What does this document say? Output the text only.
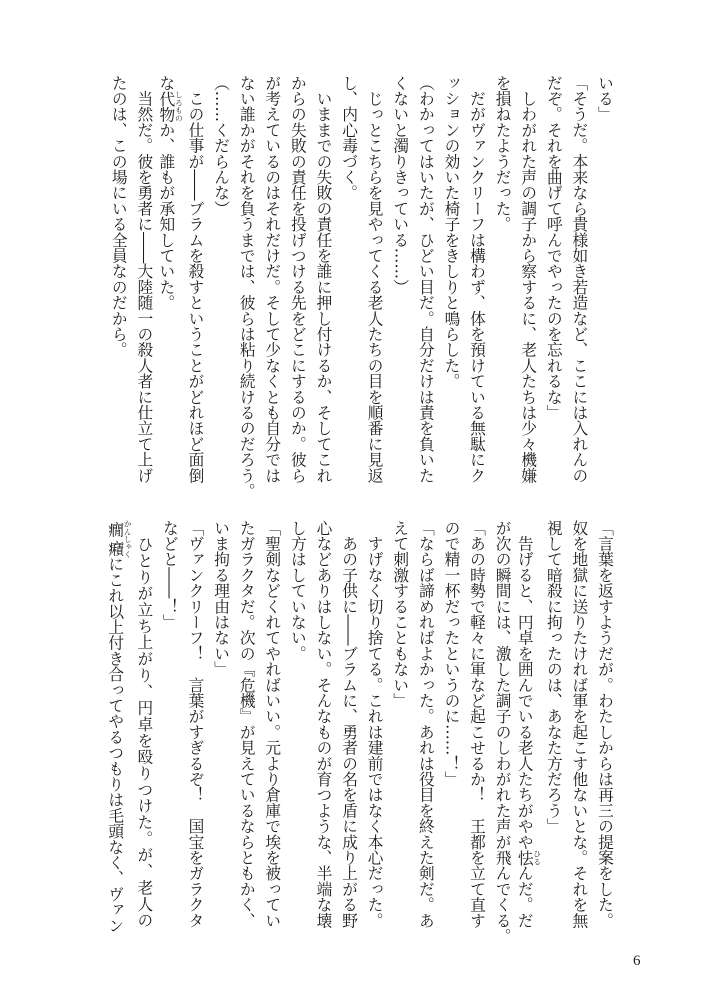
いる」
「そうだ。本来なら貴様如き若造など、ここには入れんの
だぞ。それを曲げて呼んでやったのを忘れるな」
　しわがれた声の調子から察するに、老人たちは少々機嫌
を損ねたようだった。
　だがヴァンクリーフは構わず、体を預けている無駄にク
ッションの効いた椅子をきしりと鳴らした。
（わかってはいたが、ひどい目だ。自分だけは責を負いた
くないと濁りきっている……）
　じっとこちらを見やってくる老人たちの目を順番に見返
し、内心毒づく。
　いままでの失敗の責任を誰に押し付けるか、そしてこれ
からの失敗の責任を投げつける先をどこにするのか。彼ら
が考えているのはそれだけだ。そして少なくとも自分では
ない誰かがそれを負うまでは、彼らは粘り続けるのだろう。
（……くだらんな）
　この仕事が――ブラムを殺すということがどれほど面倒
な代物しろものか、誰もが承知していた。
　当然だ。彼を勇者に――大陸随一の殺人者に仕立て上げ
たのは、この場にいる全員なのだから。
「言葉を返すようだが。わたしからは再三の提案をした。
奴を地獄に送りたければ軍を起こす他ないとな。それを無
視して暗殺に拘ったのは、あなた方だろう」
　告げると、円卓を囲んでいる老人たちがやや怯ひるんだ。だ
が次の瞬間には、激した調子のしわがれた声が飛んでくる。
「あの時勢で軽々に軍など起こせるか！　王都を立て直す
ので精一杯だったというのに……！」
「ならば諦めればよかった。あれは役目を終えた剣だ。あ
えて刺激することもない」
　すげなく切り捨てる。これは建前ではなく本心だった。
　あの子供に――ブラムに、勇者の名を盾に成り上がる野
心などありはしない。そんなものが育つような、半端な壊
し方はしていない。
「聖剣などくれてやればいい。元より倉庫で埃を被ってい
たガラクタだ。次の『危機』が見えているならともかく、
いま拘る理由はない」
「ヴァンクリーフ！　言葉がすぎるぞ！　国宝をガラクタ
などと――！」
　ひとりが立ち上がり、円卓を殴りつけた。が、老人の
癇癪かんしゃくにこれ以上付き合ってやるつもりは毛頭なく、ヴァン
6
